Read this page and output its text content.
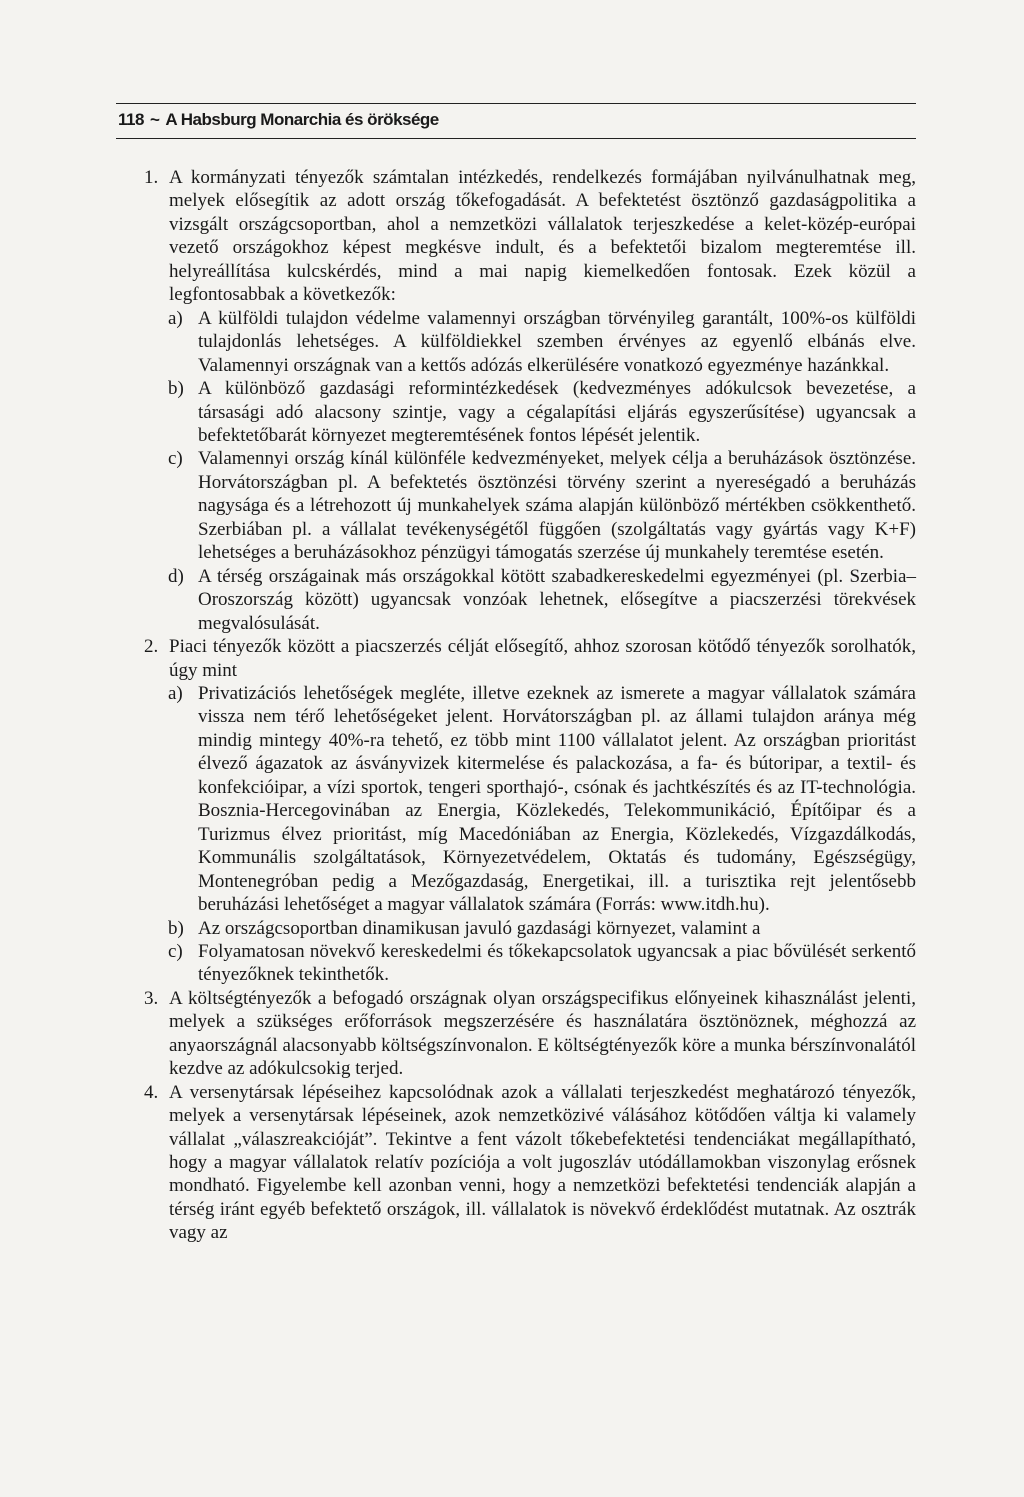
118 ~ A Habsburg Monarchia és öröksége
1. A kormányzati tényezők számtalan intézkedés, rendelkezés formájában nyilvánulhatnak meg, melyek elősegítik az adott ország tőkefogadását. A befektetést ösztönző gazdaságpolitika a vizsgált országcsoportban, ahol a nemzetközi vállalatok terjeszkedése a kelet-közép-európai vezető országokhoz képest megkésve indult, és a befektetői bizalom megteremtése ill. helyreállítása kulcskérdés, mind a mai napig kiemelkedően fontosak. Ezek közül a legfontosabbak a következők:
a) A külföldi tulajdon védelme valamennyi országban törvényileg garantált, 100%-os külföldi tulajdonlás lehetséges. A külföldiekkel szemben érvényes az egyenlő elbánás elve. Valamennyi országnak van a kettős adózás elkerülésére vonatkozó egyezménye hazánkkal.
b) A különböző gazdasági reformintézkedések (kedvezményes adókulcsok bevezetése, a társasági adó alacsony szintje, vagy a cégalapítási eljárás egyszerűsítése) ugyancsak a befektetőbarát környezet megteremtésének fontos lépését jelentik.
c) Valamennyi ország kínál különféle kedvezményeket, melyek célja a beruházások ösztönzése. Horvátországban pl. A befektetés ösztönzési törvény szerint a nyereségadó a beruházás nagysága és a létrehozott új munkahelyek száma alapján különböző mértékben csökkenthető. Szerbiában pl. a vállalat tevékenységétől függően (szolgáltatás vagy gyártás vagy K+F) lehetséges a beruházásokhoz pénzügyi támogatás szerzése új munkahely teremtése esetén.
d) A térség országainak más országokkal kötött szabadkereskedelmi egyezményei (pl. Szerbia–Oroszország között) ugyancsak vonzóak lehetnek, elősegítve a piacszerzési törekvések megvalósulását.
2. Piaci tényezők között a piacszerzés célját elősegítő, ahhoz szorosan kötődő tényezők sorolhatók, úgy mint
a) Privatizációs lehetőségek megléte, illetve ezeknek az ismerete a magyar vállalatok számára vissza nem térő lehetőségeket jelent. Horvátországban pl. az állami tulajdon aránya még mindig mintegy 40%-ra tehető, ez több mint 1100 vállalatot jelent. Az országban prioritást élvező ágazatok az ásványvizek kitermelése és palackozása, a fa- és bútoripar, a textil- és konfekcióipar, a vízi sportok, tengeri sporthajó-, csónak és jachtkészítés és az IT-technológia. Bosznia-Hercegovinában az Energia, Közlekedés, Telekommunikáció, Építőipar és a Turizmus élvez prioritást, míg Macedóniában az Energia, Közlekedés, Vízgazdálkodás, Kommunális szolgáltatások, Környezetvédelem, Oktatás és tudomány, Egészségügy, Montenegróban pedig a Mezőgazdaság, Energetikai, ill. a turisztika rejt jelentősebb beruházási lehetőséget a magyar vállalatok számára (Forrás: www.itdh.hu).
b) Az országcsoportban dinamikusan javuló gazdasági környezet, valamint a
c) Folyamatosan növekvő kereskedelmi és tőkekapcsolatok ugyancsak a piac bővülését serkentő tényezőknek tekinthetők.
3. A költségtényezők a befogadó országnak olyan országspecifikus előnyeinek kihasználást jelenti, melyek a szükséges erőforrások megszerzésére és használatára ösztönöznek, méghozzá az anyaországnál alacsonyabb költségszínvonalon. E költségtényezők köre a munka bérszínvonalától kezdve az adókulcsokig terjed.
4. A versenytársak lépéseihez kapcsolódnak azok a vállalati terjeszkedést meghatározó tényezők, melyek a versenytársak lépéseinek, azok nemzetközivé válásához kötődően váltja ki valamely vállalat „válaszreakcióját”. Tekintve a fent vázolt tőkebefektetési tendenciákat megállapítható, hogy a magyar vállalatok relatív pozíciója a volt jugoszláv utódállamokban viszonylag erősnek mondható. Figyelembe kell azonban venni, hogy a nemzetközi befektetési tendenciák alapján a térség iránt egyéb befektető országok, ill. vállalatok is növekvő érdeklődést mutatnak. Az osztrák vagy az
